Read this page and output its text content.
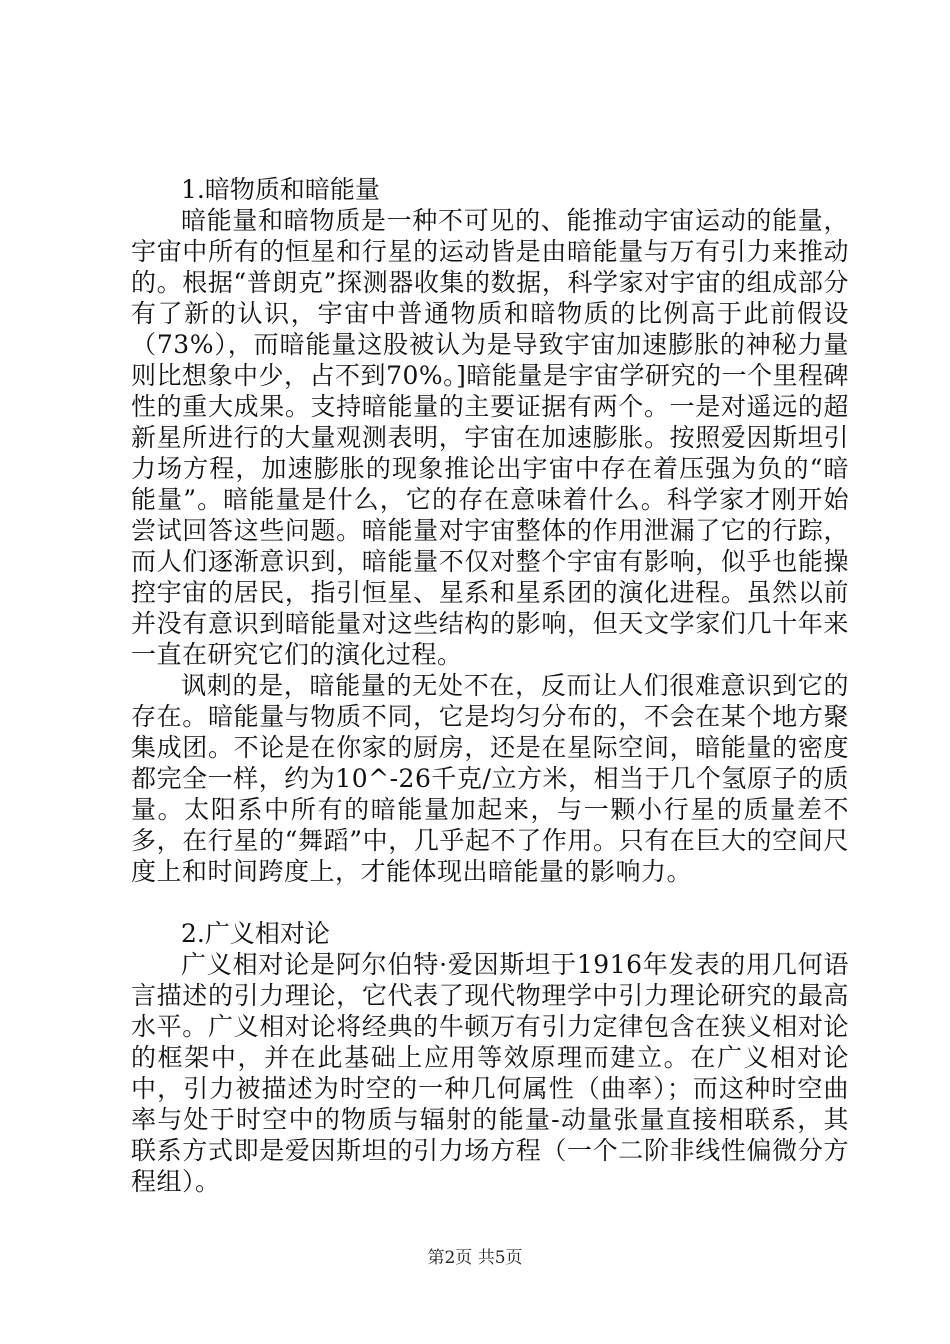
1.暗物质和暗能量

暗能量和暗物质是一种不可见的、能推动宇宙运动的能量，宇宙中所有的恒星和行星的运动皆是由暗能量与万有引力来推动的。根据“普朗克”探测器收集的数据，科学家对宇宙的组成部分有了新的认识，宇宙中普通物质和暗物质的比例高于此前假设（73%），而暗能量这股被认为是导致宇宙加速膨胀的神秘力量则比想象中少，占不到70%。]暗能量是宇宙学研究的一个里程碑性的重大成果。支持暗能量的主要证据有两个。一是对遥远的超新星所进行的大量观测表明，宇宙在加速膨胀。按照爱因斯坦引力场方程，加速膨胀的现象推论出宇宙中存在着压强为负的“暗能量”。暗能量是什么，它的存在意味着什么。科学家才刚开始尝试回答这些问题。暗能量对宇宙整体的作用泄漏了它的行踪，而人们逐渐意识到，暗能量不仅对整个宇宙有影响，似乎也能操控宇宙的居民，指引恒星、星系和星系团的演化进程。虽然以前并没有意识到暗能量对这些结构的影响，但天文学家们几十年来一直在研究它们的演化过程。

讽刺的是，暗能量的无处不在，反而让人们很难意识到它的存在。暗能量与物质不同，它是均匀分布的，不会在某个地方聚集成团。不论是在你家的厨房，还是在星际空间，暗能量的密度都完全一样，约为10^-26千克/立方米，相当于几个氢原子的质量。太阳系中所有的暗能量加起来，与一颗小行星的质量差不多，在行星的“舞蹈”中，几乎起不了作用。只有在巨大的空间尺度上和时间跨度上，才能体现出暗能量的影响力。

2.广义相对论

广义相对论是阿尔伯特·爱因斯坦于1916年发表的用几何语言描述的引力理论，它代表了现代物理学中引力理论研究的最高水平。广义相对论将经典的牛顿万有引力定律包含在狭义相对论的框架中，并在此基础上应用等效原理而建立。在广义相对论中，引力被描述为时空的一种几何属性（曲率）；而这种时空曲率与处于时空中的物质与辐射的能量-动量张量直接相联系，其联系方式即是爱因斯坦的引力场方程（一个二阶非线性偏微分方程组）。

第2页 共5页
